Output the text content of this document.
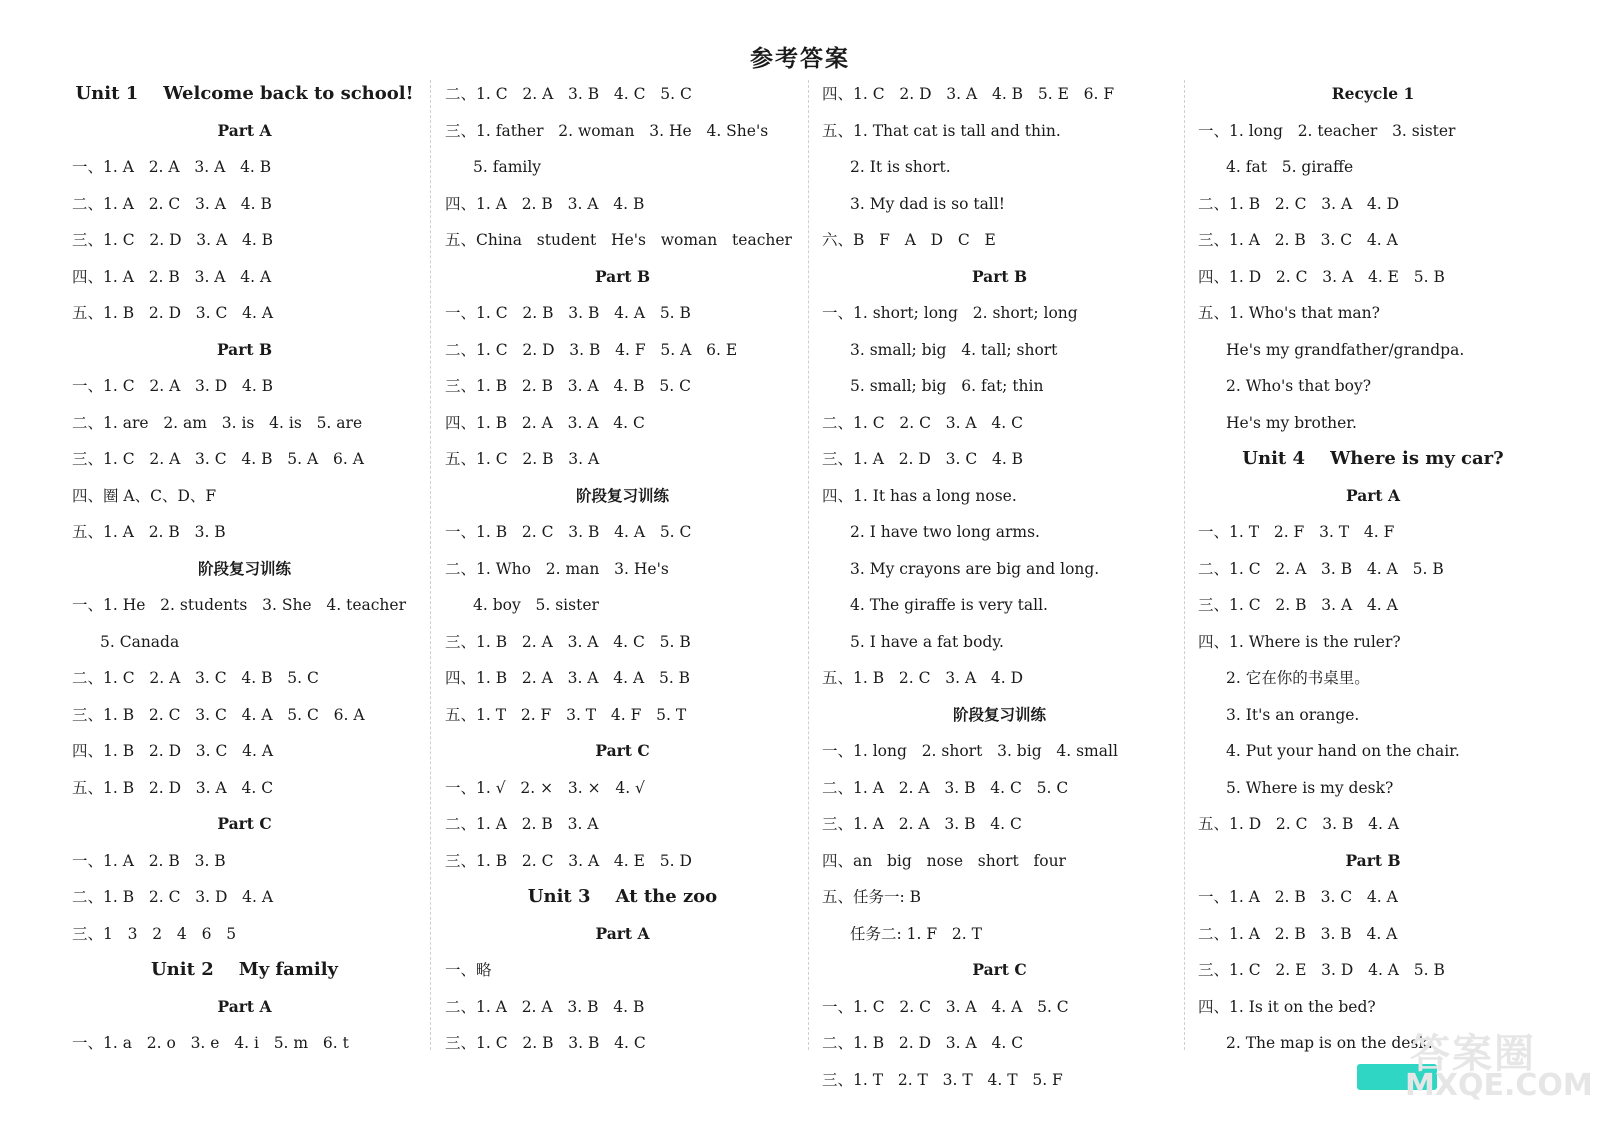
参考答案
Unit 1    Welcome back to school!
Part A
一、1. A   2. A   3. A   4. B
二、1. A   2. C   3. A   4. B
三、1. C   2. D   3. A   4. B
四、1. A   2. B   3. A   4. A
五、1. B   2. D   3. C   4. A
Part B
一、1. C   2. A   3. D   4. B
二、1. are   2. am   3. is   4. is   5. are
三、1. C   2. A   3. C   4. B   5. A   6. A
四、圈 A、C、D、F
五、1. A   2. B   3. B
阶段复习训练
一、1. He   2. students   3. She   4. teacher
5. Canada
二、1. C   2. A   3. C   4. B   5. C
三、1. B   2. C   3. C   4. A   5. C   6. A
四、1. B   2. D   3. C   4. A
五、1. B   2. D   3. A   4. C
Part C
一、1. A   2. B   3. B
二、1. B   2. C   3. D   4. A
三、1   3   2   4   6   5
Unit 2    My family
Part A
一、1. a   2. o   3. e   4. i   5. m   6. t
二、1. C   2. A   3. B   4. C   5. C
三、1. father   2. woman   3. He   4. She's
5. family
四、1. A   2. B   3. A   4. B
五、China   student   He's   woman   teacher
Part B
一、1. C   2. B   3. B   4. A   5. B
二、1. C   2. D   3. B   4. F   5. A   6. E
三、1. B   2. B   3. A   4. B   5. C
四、1. B   2. A   3. A   4. C
五、1. C   2. B   3. A
阶段复习训练
一、1. B   2. C   3. B   4. A   5. C
二、1. Who   2. man   3. He's
4. boy   5. sister
三、1. B   2. A   3. A   4. C   5. B
四、1. B   2. A   3. A   4. A   5. B
五、1. T   2. F   3. T   4. F   5. T
Part C
一、1. √   2. ×   3. ×   4. √
二、1. A   2. B   3. A
三、1. B   2. C   3. A   4. E   5. D
Unit 3    At the zoo
Part A
一、略
二、1. A   2. A   3. B   4. B
三、1. C   2. B   3. B   4. C
四、1. C   2. D   3. A   4. B   5. E   6. F
五、1. That cat is tall and thin.
2. It is short.
3. My dad is so tall!
六、B   F   A   D   C   E
Part B
一、1. short; long   2. short; long
3. small; big   4. tall; short
5. small; big   6. fat; thin
二、1. C   2. C   3. A   4. C
三、1. A   2. D   3. C   4. B
四、1. It has a long nose.
2. I have two long arms.
3. My crayons are big and long.
4. The giraffe is very tall.
5. I have a fat body.
五、1. B   2. C   3. A   4. D
阶段复习训练
一、1. long   2. short   3. big   4. small
二、1. A   2. A   3. B   4. C   5. C
三、1. A   2. A   3. B   4. C
四、an   big   nose   short   four
五、任务一: B
任务二: 1. F   2. T
Part C
一、1. C   2. C   3. A   4. A   5. C
二、1. B   2. D   3. A   4. C
三、1. T   2. T   3. T   4. T   5. F
Recycle 1
一、1. long   2. teacher   3. sister
4. fat   5. giraffe
二、1. B   2. C   3. A   4. D
三、1. A   2. B   3. C   4. A
四、1. D   2. C   3. A   4. E   5. B
五、1. Who's that man?
He's my grandfather/grandpa.
2. Who's that boy?
He's my brother.
Unit 4    Where is my car?
Part A
一、1. T   2. F   3. T   4. F
二、1. C   2. A   3. B   4. A   5. B
三、1. C   2. B   3. A   4. A
四、1. Where is the ruler?
2. 它在你的书桌里。
3. It's an orange.
4. Put your hand on the chair.
5. Where is my desk?
五、1. D   2. C   3. B   4. A
Part B
一、1. A   2. B   3. C   4. A
二、1. A   2. B   3. B   4. A
三、1. C   2. E   3. D   4. A   5. B
四、1. Is it on the bed?
2. The map is on the desk.
答案圈
MXQE.COM
